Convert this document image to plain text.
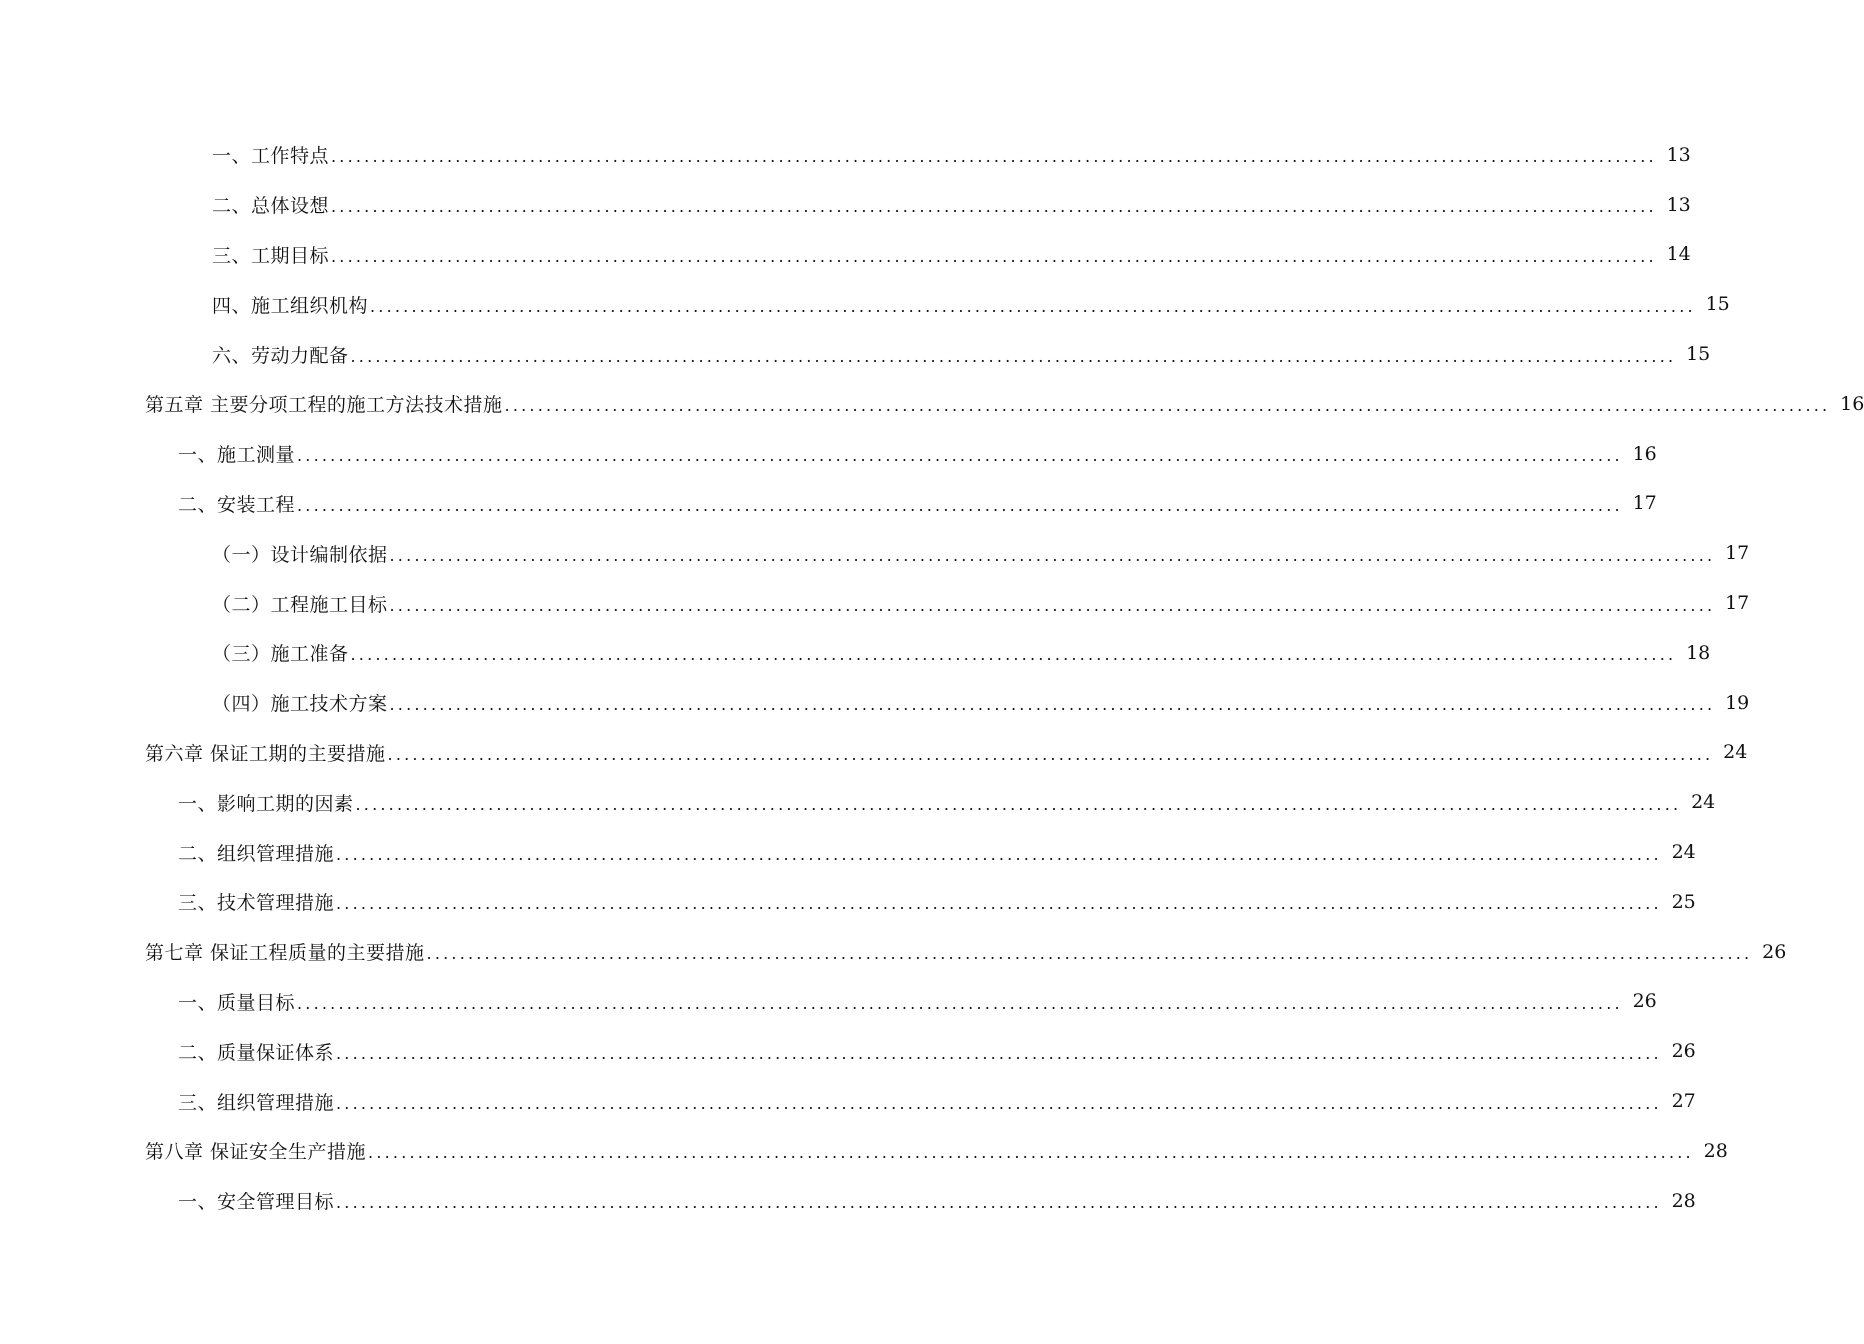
一、工作特点 ................................................................................................................................................................ 13
二、总体设想 ................................................................................................................................................................ 13
三、工期目标 ................................................................................................................................................................ 14
四、施工组织机构 ................................................................................................................................................................ 15
六、劳动力配备 ................................................................................................................................................................ 15
第五章 主要分项工程的施工方法技术措施 ................................................................................................................................................................ 16
一、施工测量 ................................................................................................................................................................ 16
二、安装工程 ................................................................................................................................................................ 17
（一）设计编制依据 ................................................................................................................................................................ 17
（二）工程施工目标 ................................................................................................................................................................ 17
（三）施工准备 ................................................................................................................................................................ 18
（四）施工技术方案 ................................................................................................................................................................ 19
第六章 保证工期的主要措施 ................................................................................................................................................................ 24
一、影响工期的因素 ................................................................................................................................................................ 24
二、组织管理措施 ................................................................................................................................................................ 24
三、技术管理措施 ................................................................................................................................................................ 25
第七章 保证工程质量的主要措施 ................................................................................................................................................................ 26
一、质量目标 ................................................................................................................................................................ 26
二、质量保证体系 ................................................................................................................................................................ 26
三、组织管理措施 ................................................................................................................................................................ 27
第八章 保证安全生产措施 ................................................................................................................................................................ 28
一、安全管理目标 ................................................................................................................................................................ 28
